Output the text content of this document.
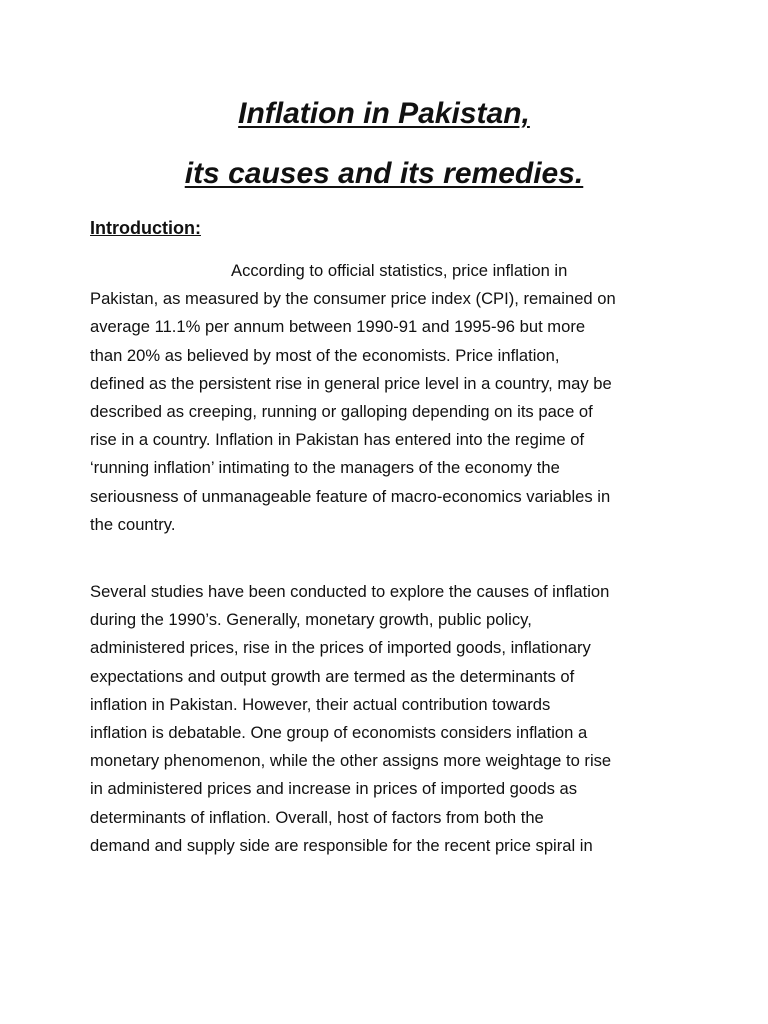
Inflation in Pakistan,
its causes and its remedies.
Introduction:
According to official statistics, price inflation in
Pakistan, as measured by the consumer price index (CPI), remained on
average 11.1% per annum between 1990-91 and 1995-96 but more
than 20% as believed by most of the economists. Price inflation,
defined as the persistent rise in general price level in a country, may be
described as creeping, running or galloping depending on its pace of
rise in a country. Inflation in Pakistan has entered into the regime of
‘running inflation’ intimating to the managers of the economy the
seriousness of unmanageable feature of macro-economics variables in
the country.
Several studies have been conducted to explore the causes of inflation
during the 1990’s. Generally, monetary growth, public policy,
administered prices, rise in the prices of imported goods, inflationary
expectations and output growth are termed as the determinants of
inflation in Pakistan. However, their actual contribution towards
inflation is debatable. One group of economists considers inflation a
monetary phenomenon, while the other assigns more weightage to rise
in administered prices and increase in prices of imported goods as
determinants of inflation. Overall, host of factors from both the
demand and supply side are responsible for the recent price spiral in
